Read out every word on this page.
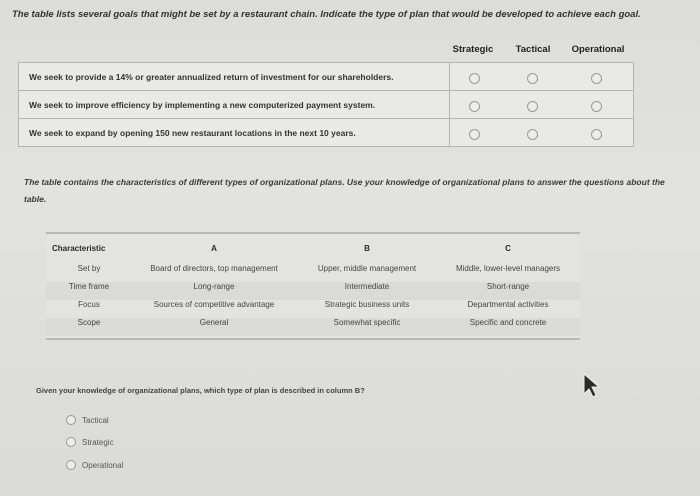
The table lists several goals that might be set by a restaurant chain. Indicate the type of plan that would be developed to achieve each goal.
Strategic	Tactical	Operational
We seek to provide a 14% or greater annualized return of investment for our shareholders.
We seek to improve efficiency by implementing a new computerized payment system.
We seek to expand by opening 150 new restaurant locations in the next 10 years.
The table contains the characteristics of different types of organizational plans. Use your knowledge of organizational plans to answer the questions about the table.
Characteristic	A	B	C
Set by	Board of directors, top management	Upper, middle management	Middle, lower-level managers
Time frame	Long-range	Intermediate	Short-range
Focus	Sources of competitive advantage	Strategic business units	Departmental activities
Scope	General	Somewhat specific	Specific and concrete
Given your knowledge of organizational plans, which type of plan is described in column B?
Tactical
Strategic
Operational
